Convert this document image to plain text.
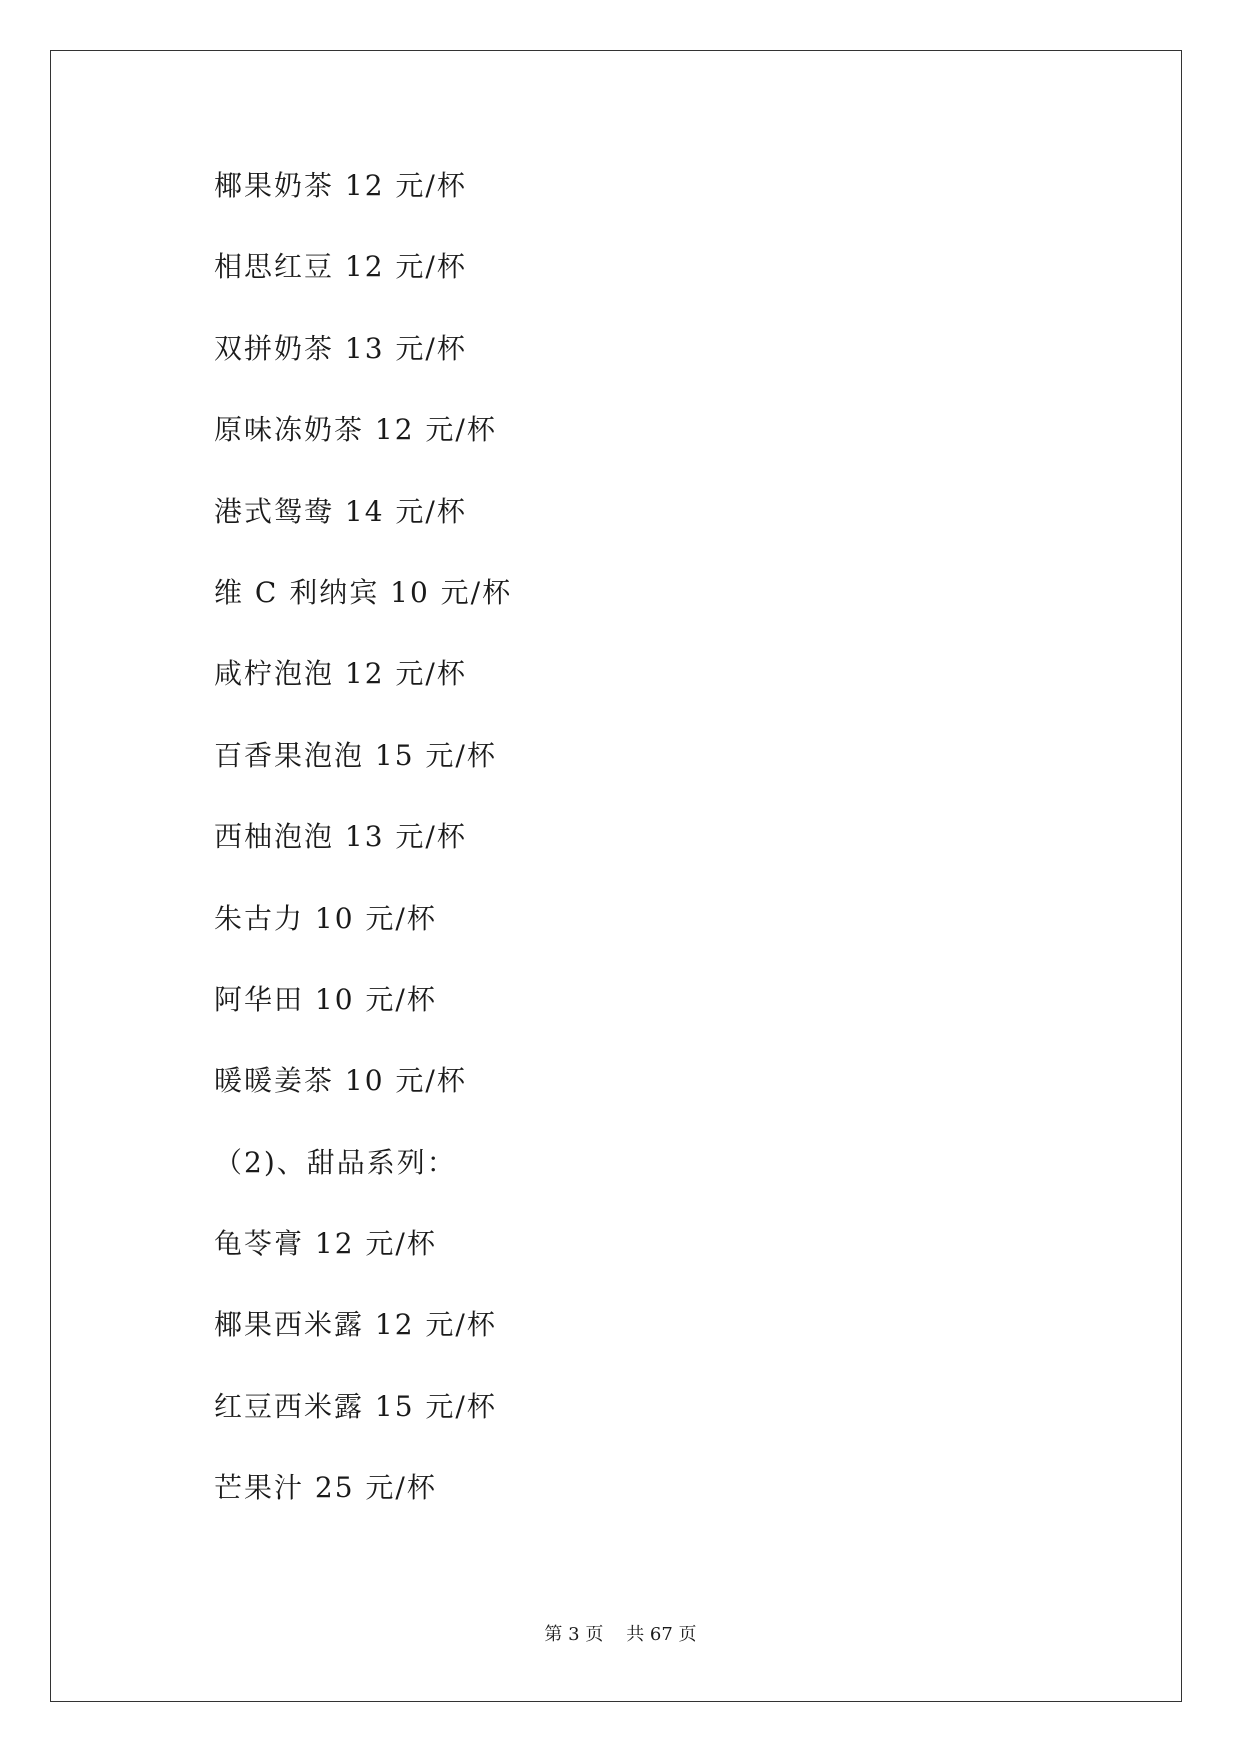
椰果奶茶 12 元/杯
相思红豆 12 元/杯
双拼奶茶 13 元/杯
原味冻奶茶 12 元/杯
港式鸳鸯 14 元/杯
维 C 利纳宾 10 元/杯
咸柠泡泡 12 元/杯
百香果泡泡 15 元/杯
西柚泡泡 13 元/杯
朱古力 10 元/杯
阿华田 10 元/杯
暖暖姜茶 10 元/杯
（2)、甜品系列：
龟苓膏 12 元/杯
椰果西米露 12 元/杯
红豆西米露 15 元/杯
芒果汁 25 元/杯
第 3 页    共 67 页
